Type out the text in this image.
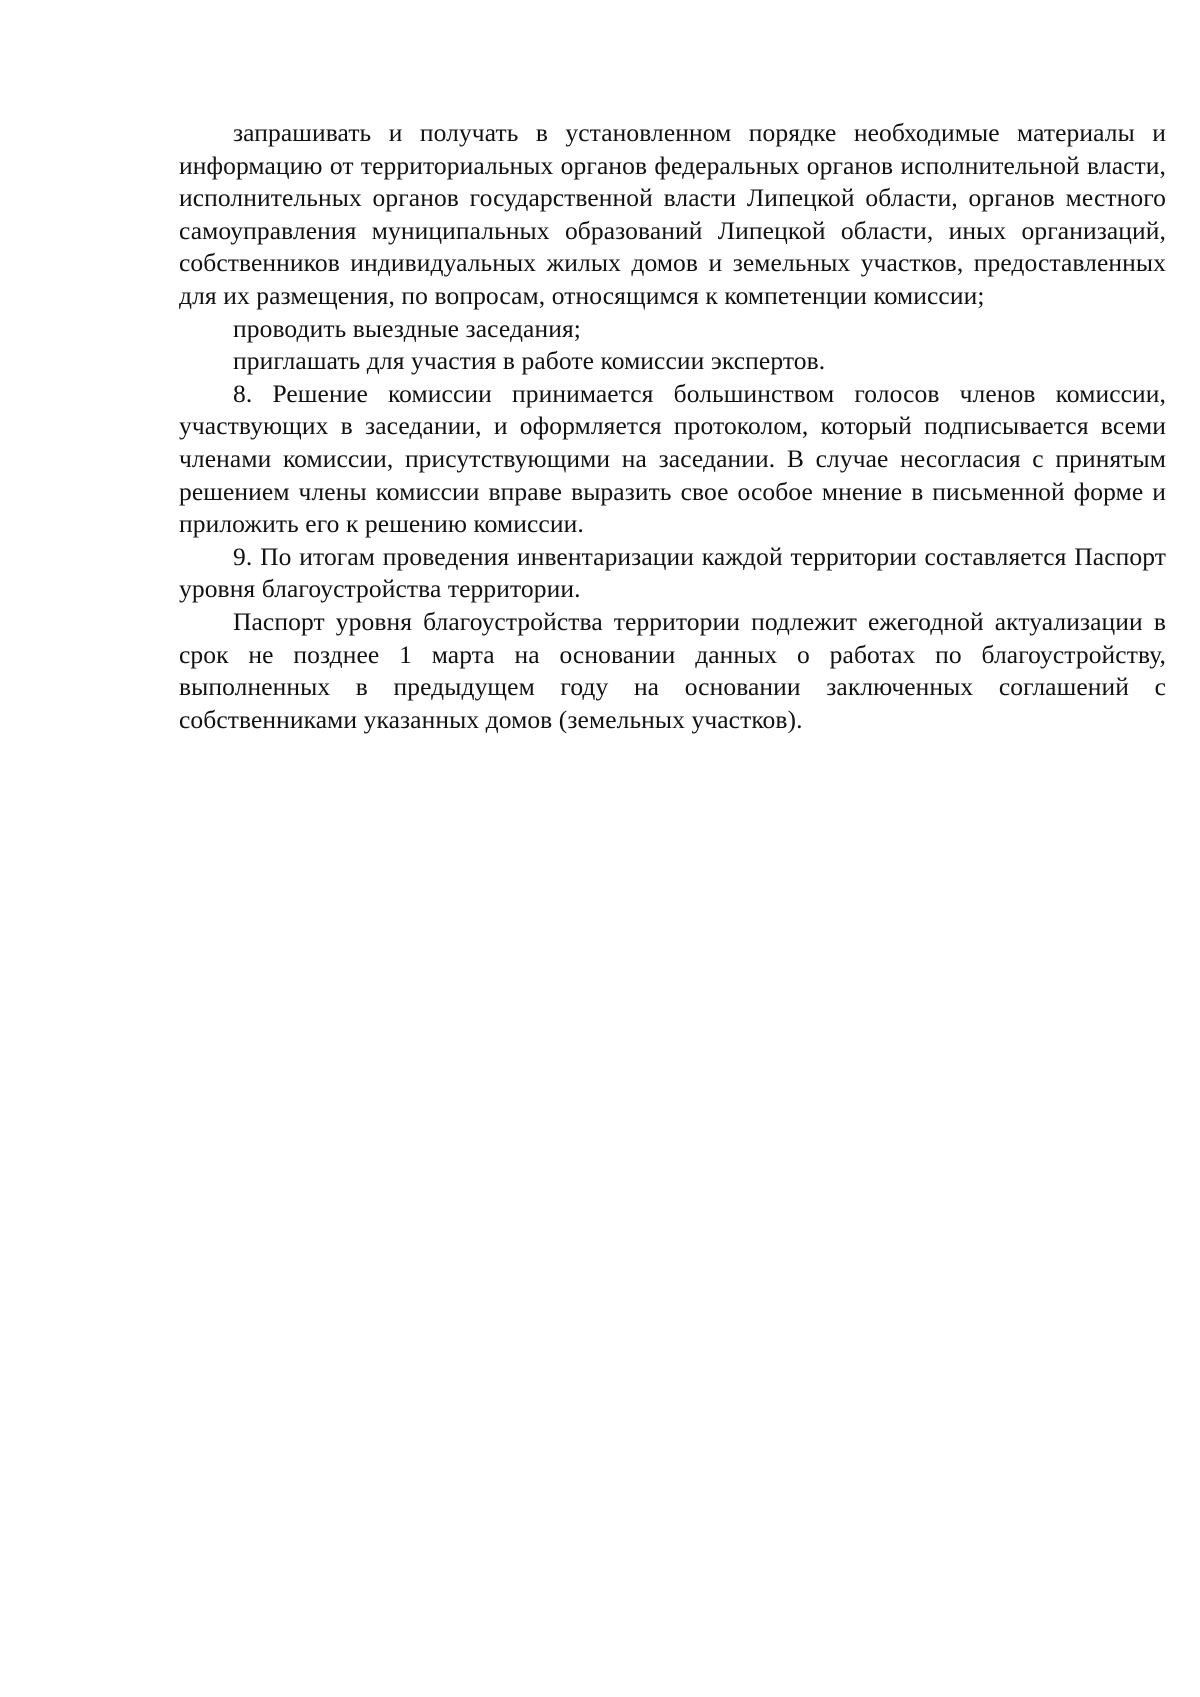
запрашивать и получать в установленном порядке необходимые материалы и информацию от территориальных органов федеральных органов исполнительной власти, исполнительных органов государственной власти Липецкой области, органов местного самоуправления муниципальных образований Липецкой области, иных организаций, собственников индивидуальных жилых домов и земельных участков, предоставленных для их размещения, по вопросам, относящимся к компетенции комиссии;

проводить выездные заседания;

приглашать для участия в работе комиссии экспертов.

8. Решение комиссии принимается большинством голосов членов комиссии, участвующих в заседании, и оформляется протоколом, который подписывается всеми членами комиссии, присутствующими на заседании. В случае несогласия с принятым решением члены комиссии вправе выразить свое особое мнение в письменной форме и приложить его к решению комиссии.

9. По итогам проведения инвентаризации каждой территории составляется Паспорт уровня благоустройства территории.

Паспорт уровня благоустройства территории подлежит ежегодной актуализации в срок не позднее 1 марта на основании данных о работах по благоустройству, выполненных в предыдущем году на основании заключенных соглашений с собственниками указанных домов (земельных участков).
